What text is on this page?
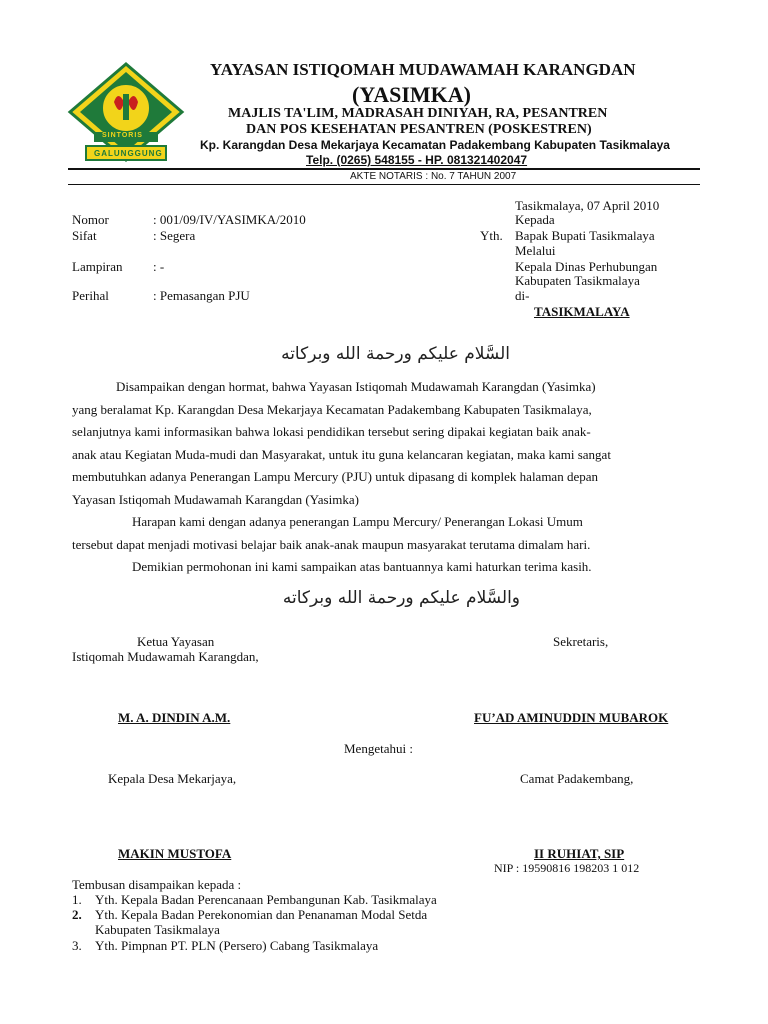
SINTORIS
GALUNGGUNG
YAYASAN ISTIQOMAH MUDAWAMAH KARANGDAN
(YASIMKA)
MAJLIS TA'LIM, MADRASAH DINIYAH, RA, PESANTREN
DAN POS KESEHATAN PESANTREN (POSKESTREN)
Kp. Karangdan Desa Mekarjaya Kecamatan Padakembang Kabupaten Tasikmalaya
Telp. (0265) 548155 - HP. 081321402047
AKTE NOTARIS : No. 7 TAHUN 2007
Nomor	: 001/09/IV/YASIMKA/2010
Sifat	: Segera
Lampiran : -
Perihal	: Pemasangan PJU
Tasikmalaya, 07 April 2010
Kepada
Yth. Bapak Bupati Tasikmalaya
Melalui
Kepala Dinas Perhubungan
Kabupaten Tasikmalaya
di-
TASIKMALAYA
السَّلام عليكم ورحمة الله وبركاته
Disampaikan dengan hormat, bahwa Yayasan Istiqomah Mudawamah Karangdan (Yasimka)
yang beralamat Kp. Karangdan Desa Mekarjaya Kecamatan Padakembang Kabupaten Tasikmalaya,
selanjutnya kami informasikan bahwa lokasi pendidikan tersebut sering dipakai kegiatan baik anak-
anak atau Kegiatan Muda-mudi dan Masyarakat, untuk itu guna kelancaran kegiatan, maka kami sangat
membutuhkan adanya Penerangan Lampu Mercury (PJU) untuk dipasang di komplek halaman depan
Yayasan Istiqomah Mudawamah Karangdan (Yasimka)
Harapan kami dengan adanya penerangan Lampu Mercury/ Penerangan Lokasi Umum
tersebut dapat menjadi motivasi belajar baik anak-anak maupun masyarakat terutama dimalam hari.
Demikian permohonan ini kami sampaikan atas bantuannya kami haturkan terima kasih.
والسَّلام عليكم ورحمة الله وبركاته
Ketua Yayasan
Istiqomah Mudawamah Karangdan,
Sekretaris,
M. A. DINDIN A.M.	FU’AD AMINUDDIN MUBAROK
Mengetahui :
Kepala Desa Mekarjaya,	Camat Padakembang,
MAKIN MUSTOFA	II RUHIAT, SIP
NIP : 19590816 198203 1 012
Tembusan disampaikan kepada :
1. Yth. Kepala Badan Perencanaan Pembangunan Kab. Tasikmalaya
2. Yth. Kepala Badan Perekonomian dan Penanaman Modal Setda
Kabupaten Tasikmalaya
3. Yth. Pimpnan PT. PLN (Persero) Cabang Tasikmalaya
